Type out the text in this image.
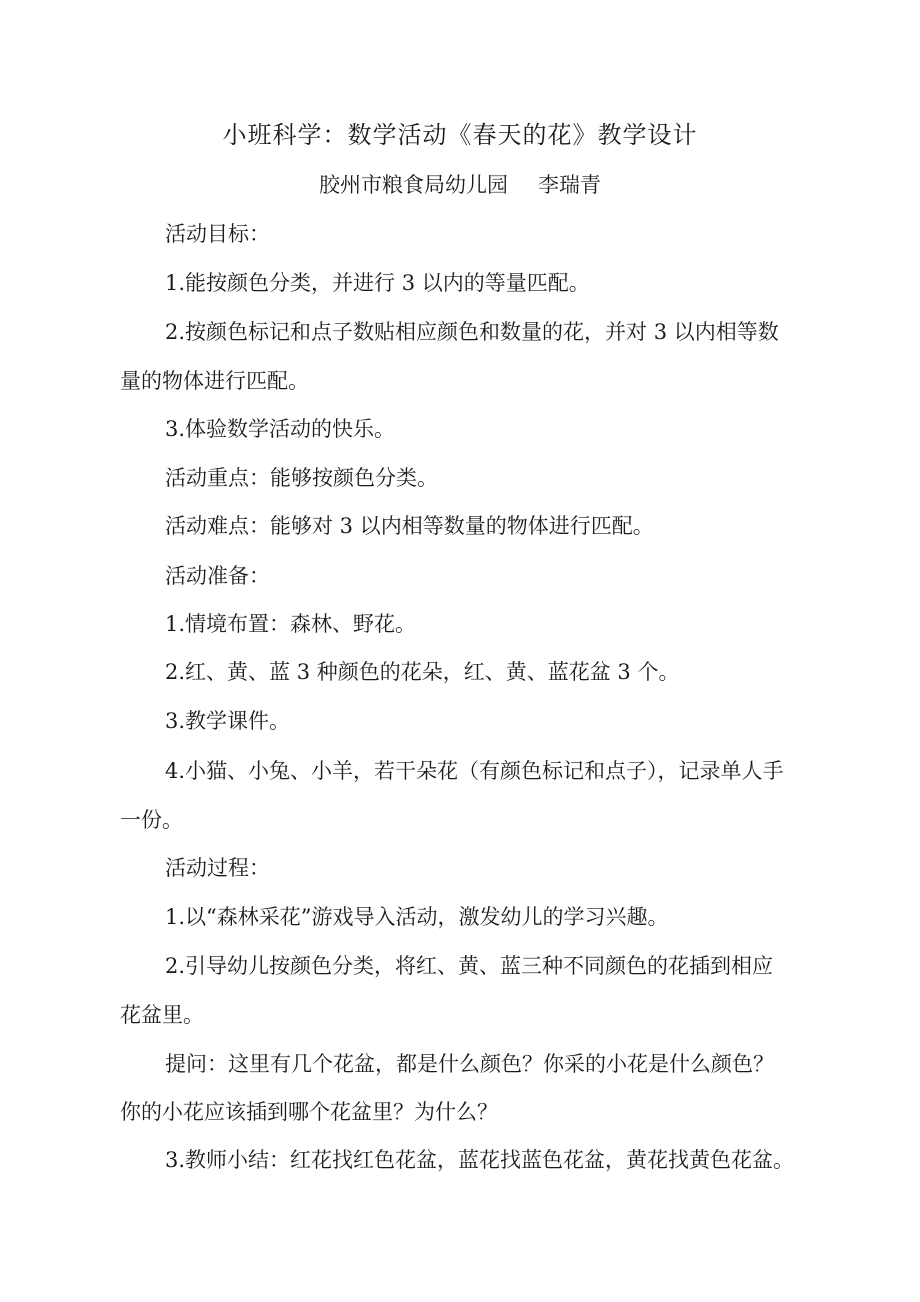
小班科学：数学活动《春天的花》教学设计
胶州市粮食局幼儿园 李瑞青
活动目标：
1.能按颜色分类，并进行 3 以内的等量匹配。
2.按颜色标记和点子数贴相应颜色和数量的花，并对 3 以内相等数
量的物体进行匹配。
3.体验数学活动的快乐。
活动重点：能够按颜色分类。
活动难点：能够对 3 以内相等数量的物体进行匹配。
活动准备：
1.情境布置：森林、野花。
2.红、黄、蓝 3 种颜色的花朵，红、黄、蓝花盆 3 个。
3.教学课件。
4.小猫、小兔、小羊，若干朵花（有颜色标记和点子），记录单人手
一份。
活动过程：
1.以“森林采花”游戏导入活动，激发幼儿的学习兴趣。
2.引导幼儿按颜色分类，将红、黄、蓝三种不同颜色的花插到相应
花盆里。
提问：这里有几个花盆，都是什么颜色？你采的小花是什么颜色？
你的小花应该插到哪个花盆里？为什么？
3.教师小结：红花找红色花盆，蓝花找蓝色花盆，黄花找黄色花盆。
